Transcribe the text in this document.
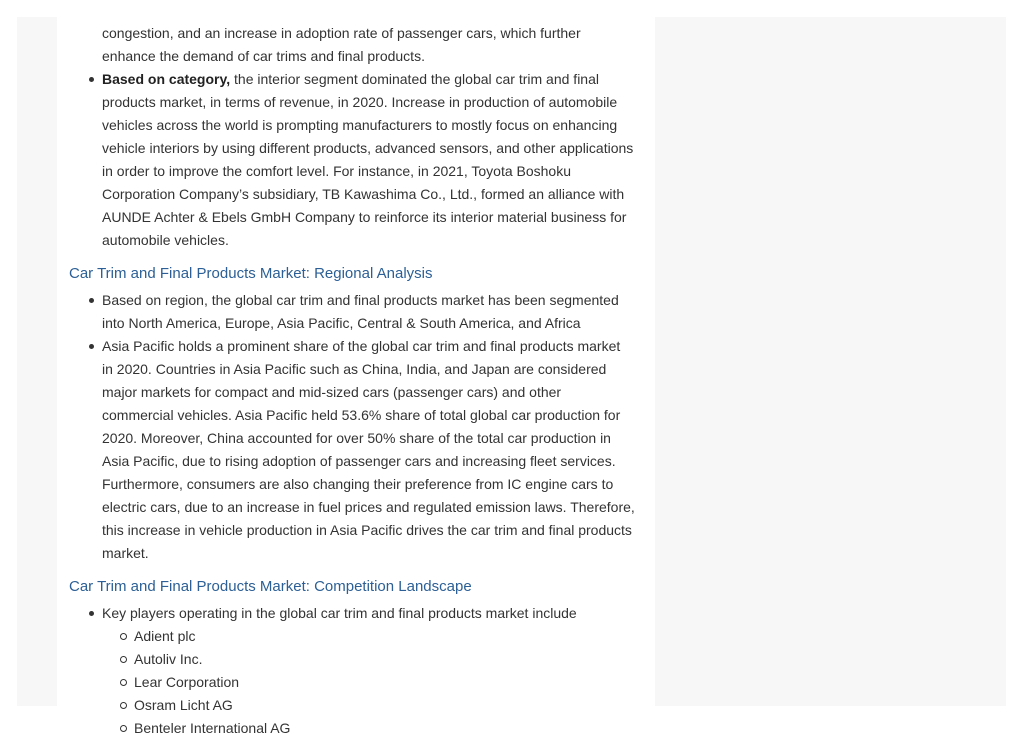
congestion, and an increase in adoption rate of passenger cars, which further enhance the demand of car trims and final products.
Based on category, the interior segment dominated the global car trim and final products market, in terms of revenue, in 2020. Increase in production of automobile vehicles across the world is prompting manufacturers to mostly focus on enhancing vehicle interiors by using different products, advanced sensors, and other applications in order to improve the comfort level. For instance, in 2021, Toyota Boshoku Corporation Company’s subsidiary, TB Kawashima Co., Ltd., formed an alliance with AUNDE Achter & Ebels GmbH Company to reinforce its interior material business for automobile vehicles.
Car Trim and Final Products Market: Regional Analysis
Based on region, the global car trim and final products market has been segmented into North America, Europe, Asia Pacific, Central & South America, and Africa
Asia Pacific holds a prominent share of the global car trim and final products market in 2020. Countries in Asia Pacific such as China, India, and Japan are considered major markets for compact and mid-sized cars (passenger cars) and other commercial vehicles. Asia Pacific held 53.6% share of total global car production for 2020. Moreover, China accounted for over 50% share of the total car production in Asia Pacific, due to rising adoption of passenger cars and increasing fleet services. Furthermore, consumers are also changing their preference from IC engine cars to electric cars, due to an increase in fuel prices and regulated emission laws. Therefore, this increase in vehicle production in Asia Pacific drives the car trim and final products market.
Car Trim and Final Products Market: Competition Landscape
Key players operating in the global car trim and final products market include
Adient plc
Autoliv Inc.
Lear Corporation
Osram Licht AG
Benteler International AG
